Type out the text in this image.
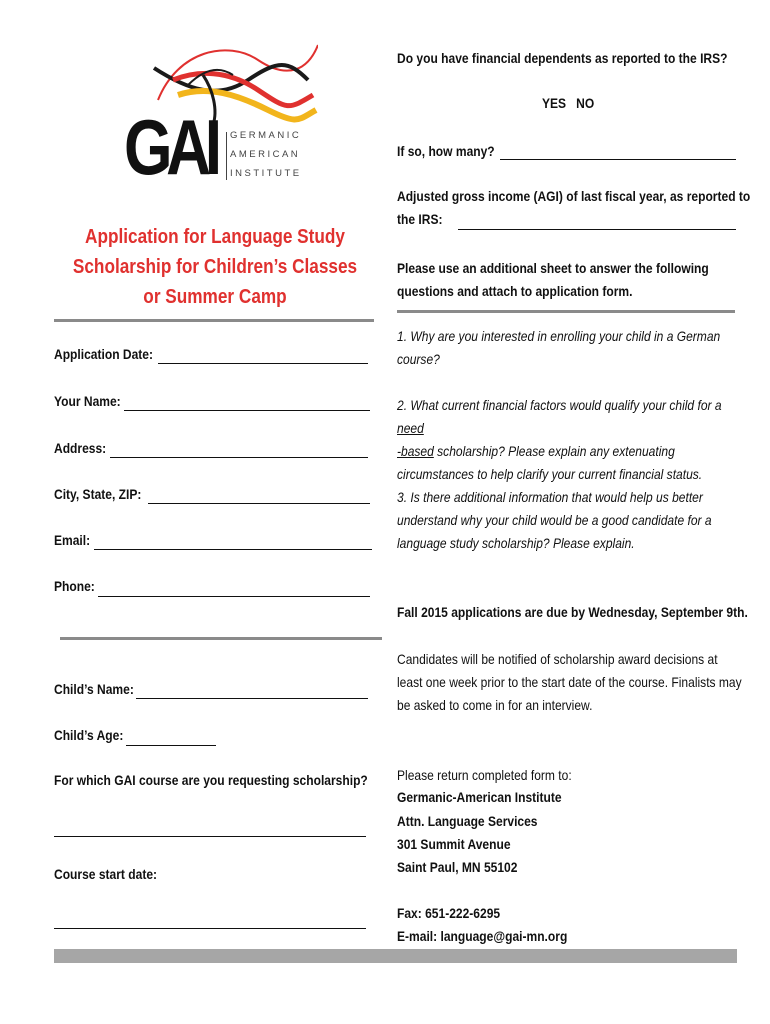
GAI GERMANIC
AMERICAN
INSTITUTE
Application for Language Study
Scholarship for Children’s Classes
or Summer Camp
Application Date:
Your Name:
Address:
City, State, ZIP:
Email:
Phone:
Child’s Name:
Child’s Age:
For which GAI course are you requesting scholarship?
Course start date:
Do you have financial dependents as reported to the IRS?
YES   NO
If so, how many?
Adjusted gross income (AGI) of last fiscal year, as reported to
the IRS:
Please use an additional sheet to answer the following questions and attach to application form.
1. Why are you interested in enrolling your child in a German course?
2. What current financial factors would qualify your child for a need
-based scholarship? Please explain any extenuating circumstances to help clarify your current financial status.
3. Is there additional information that would help us better understand why your child would be a good candidate for a language study scholarship? Please explain.
Fall 2015 applications are due by Wednesday, September 9th.
Candidates will be notified of scholarship award decisions at least one week prior to the start date of the course. Finalists may be asked to come in for an interview.
Please return completed form to:
Germanic-American Institute
Attn. Language Services
301 Summit Avenue
Saint Paul, MN 55102
Fax: 651-222-6295
E-mail: language@gai-mn.org
